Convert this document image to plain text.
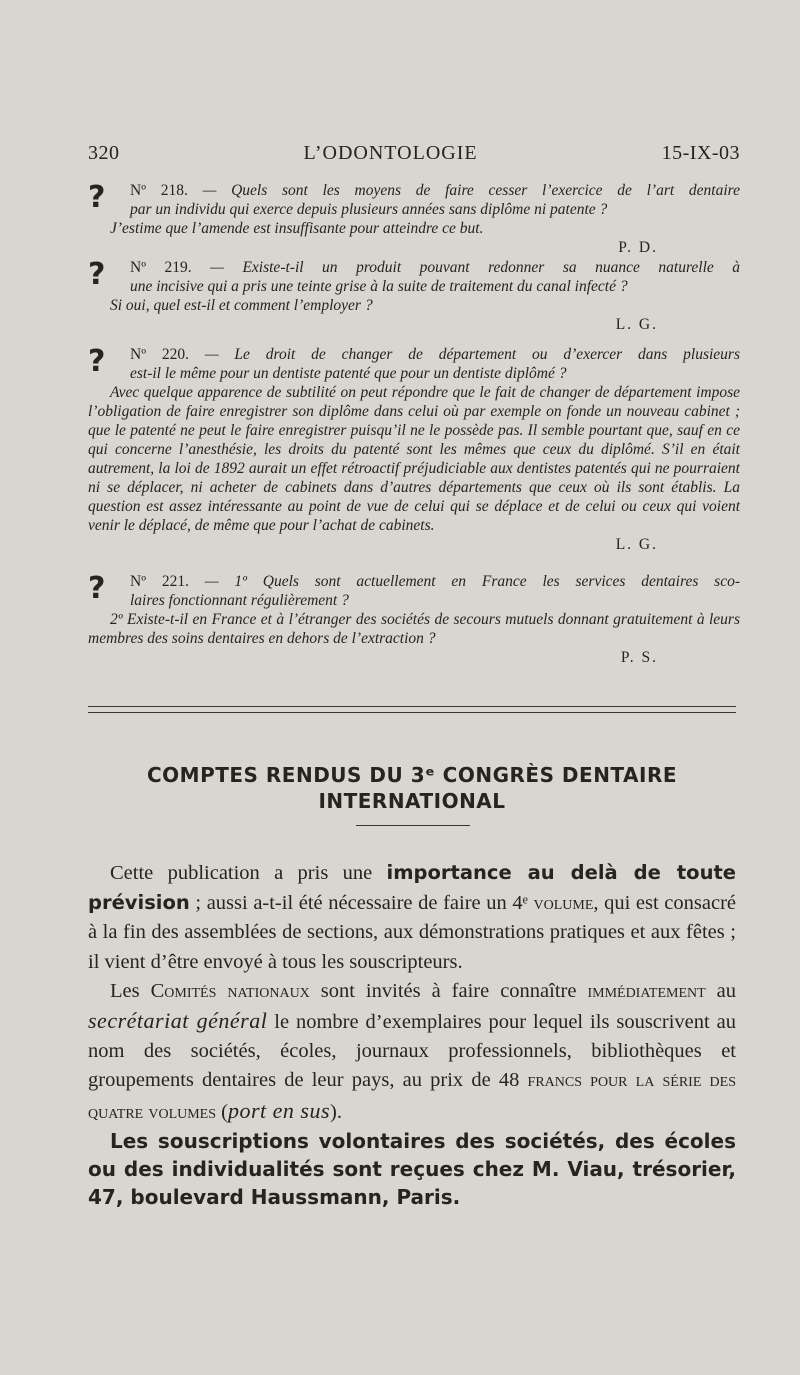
320	L’ODONTOLOGIE	15-IX-03
? Nº 218. — Quels sont les moyens de faire cesser l’exercice de l’art dentaire
par un individu qui exerce depuis plusieurs années sans diplôme ni patente ?

J’estime que l’amende est insuffisante pour atteindre ce but.

P. D.
? Nº 219. — Existe-t-il un produit pouvant redonner sa nuance naturelle à
une incisive qui a pris une teinte grise à la suite de traitement du canal infecté ?

Si oui, quel est-il et comment l’employer ?

L. G.
? Nº 220. — Le droit de changer de département ou d’exercer dans plusieurs
est-il le même pour un dentiste patenté que pour un dentiste diplômé ?

Avec quelque apparence de subtilité on peut répondre que le fait de changer de département impose l’obligation de faire enregistrer son diplôme dans celui où par exemple on fonde un nouveau cabinet ; que le patenté ne peut le faire enregistrer puisqu’il ne le possède pas. Il semble pourtant que, sauf en ce qui concerne l’anesthésie, les droits du patenté sont les mêmes que ceux du diplômé. S’il en était autrement, la loi de 1892 aurait un effet rétroactif préjudiciable aux dentistes patentés qui ne pourraient ni se déplacer, ni acheter de cabinets dans d’autres départements que ceux où ils sont établis. La question est assez intéressante au point de vue de celui qui se déplace et de celui ou ceux qui voient venir le déplacé, de même que pour l’achat de cabinets.

L. G.
? Nº 221. — 1º Quels sont actuellement en France les services dentaires sco-
laires fonctionnant régulièrement ?

2º Existe-t-il en France et à l’étranger des sociétés de secours mutuels donnant gratuitement à leurs membres des soins dentaires en dehors de l’extraction ?

P. S.
COMPTES RENDUS DU 3ᵉ CONGRÈS DENTAIRE
INTERNATIONAL

Cette publication a pris une importance au delà de toute prévision ; aussi a-t-il été nécessaire de faire un 4ᵉ volume, qui est consacré à la fin des assemblées de sections, aux démonstrations pratiques et aux fêtes ; il vient d’être envoyé à tous les souscripteurs.

Les Comités nationaux sont invités à faire connaître immédiatement au secrétariat général le nombre d’exemplaires pour lequel ils souscrivent au nom des sociétés, écoles, journaux professionnels, bibliothèques et groupements dentaires de leur pays, au prix de 48 francs pour la série des quatre volumes (port en sus).

Les souscriptions volontaires des sociétés, des écoles ou des individualités sont reçues chez M. Viau, trésorier, 47, boulevard Haussmann, Paris.
